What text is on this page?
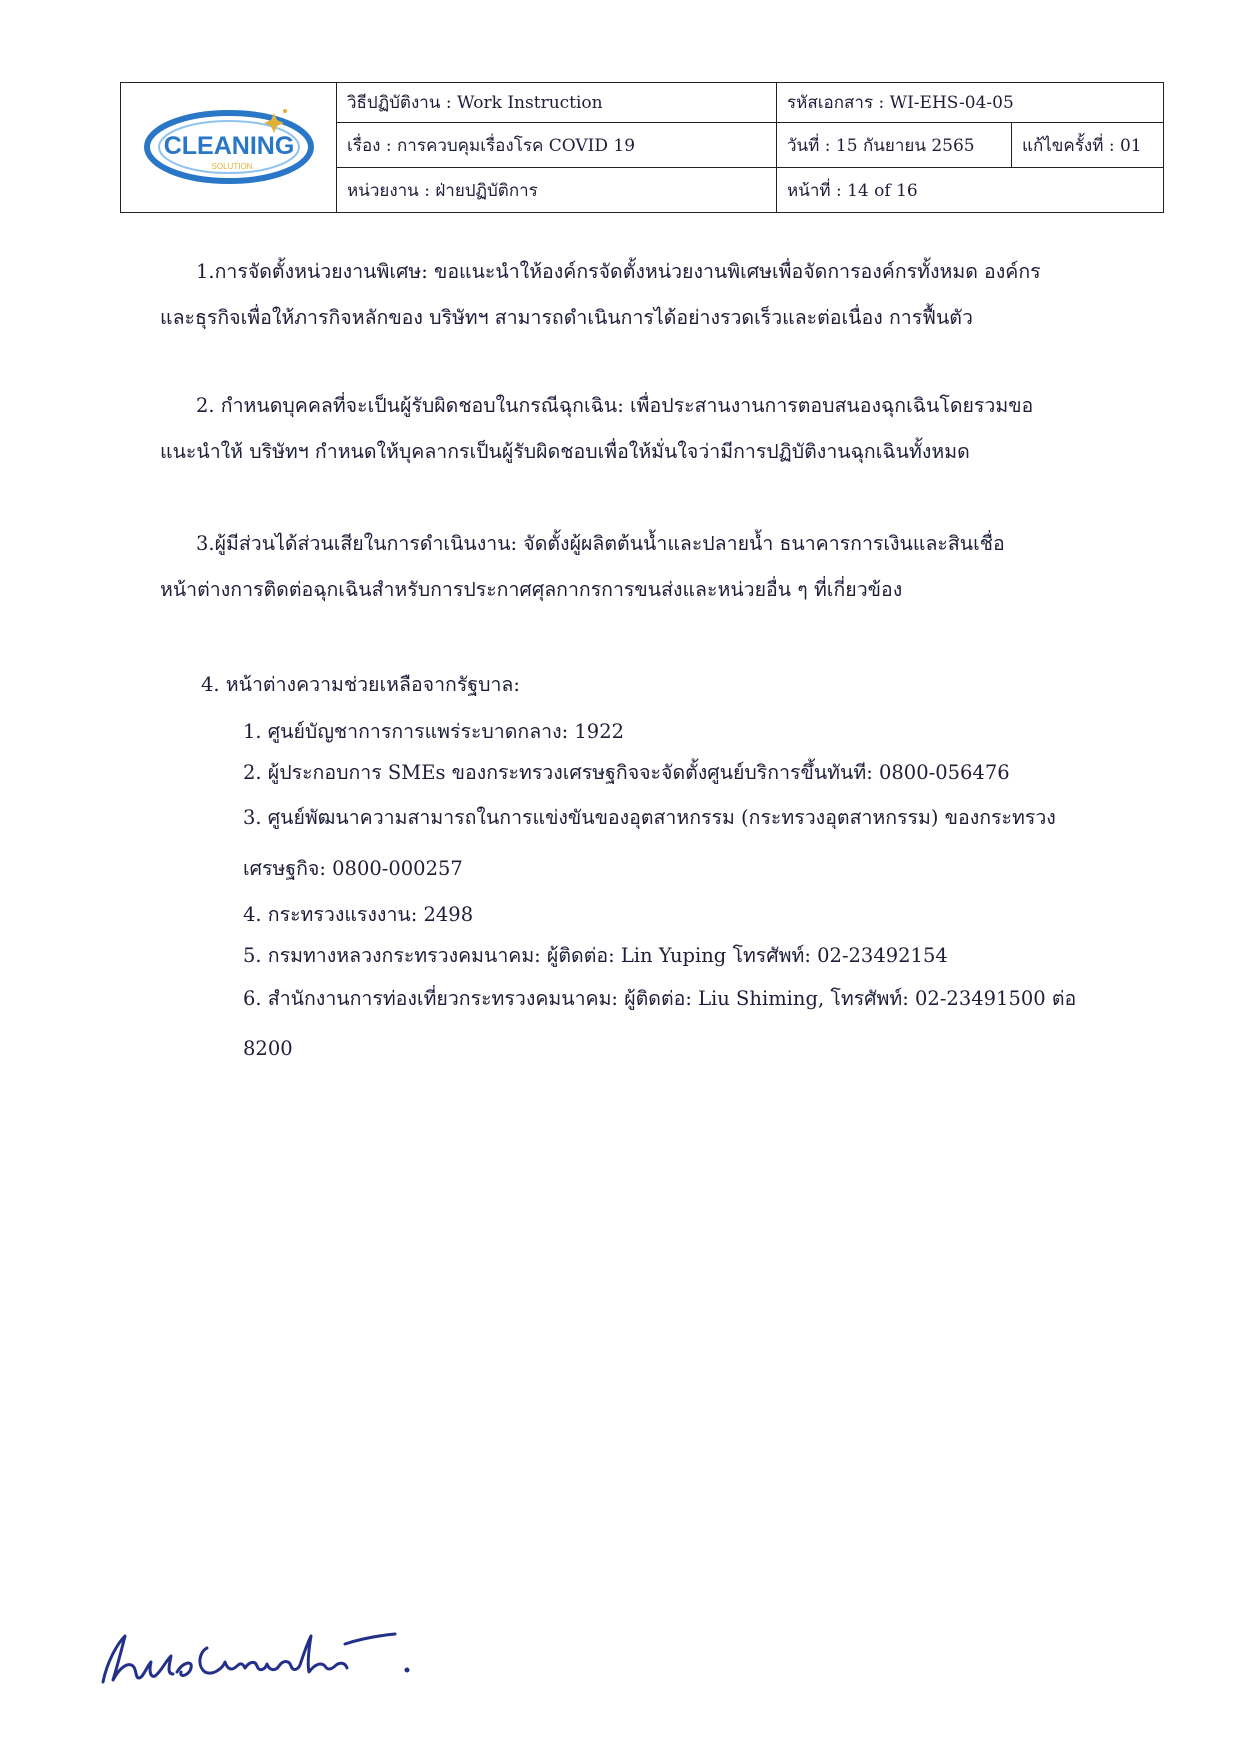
CLEANING
SOLUTION	วิธีปฏิบัติงาน : Work Instruction	รหัสเอกสาร : WI-EHS-04-05	
	เรื่อง : การควบคุมเรื่องโรค COVID 19	วันที่ : 15 กันยายน 2565	แก้ไขครั้งที่ : 01
	หน่วยงาน : ฝ่ายปฏิบัติการ	หน้าที่ : 14 of 16	
1.การจัดตั้งหน่วยงานพิเศษ: ขอแนะนำให้องค์กรจัดตั้งหน่วยงานพิเศษเพื่อจัดการองค์กรทั้งหมด องค์กร
และธุรกิจเพื่อให้ภารกิจหลักของ บริษัทฯ สามารถดำเนินการได้อย่างรวดเร็วและต่อเนื่อง การฟื้นตัว
2. กำหนดบุคคลที่จะเป็นผู้รับผิดชอบในกรณีฉุกเฉิน: เพื่อประสานงานการตอบสนองฉุกเฉินโดยรวมขอ
แนะนำให้ บริษัทฯ กำหนดให้บุคลากรเป็นผู้รับผิดชอบเพื่อให้มั่นใจว่ามีการปฏิบัติงานฉุกเฉินทั้งหมด
3.ผู้มีส่วนได้ส่วนเสียในการดำเนินงาน: จัดตั้งผู้ผลิตต้นน้ำและปลายน้ำ ธนาคารการเงินและสินเชื่อ
หน้าต่างการติดต่อฉุกเฉินสำหรับการประกาศศุลกากรการขนส่งและหน่วยอื่น ๆ ที่เกี่ยวข้อง
4. หน้าต่างความช่วยเหลือจากรัฐบาล:
1. ศูนย์บัญชาการการแพร่ระบาดกลาง: 1922
2. ผู้ประกอบการ SMEs ของกระทรวงเศรษฐกิจจะจัดตั้งศูนย์บริการขึ้นทันที: 0800-056476
3. ศูนย์พัฒนาความสามารถในการแข่งขันของอุตสาหกรรม (กระทรวงอุตสาหกรรม) ของกระทรวง
เศรษฐกิจ: 0800-000257
4. กระทรวงแรงงาน: 2498
5. กรมทางหลวงกระทรวงคมนาคม: ผู้ติดต่อ: Lin Yuping โทรศัพท์: 02-23492154
6. สำนักงานการท่องเที่ยวกระทรวงคมนาคม: ผู้ติดต่อ: Liu Shiming, โทรศัพท์: 02-23491500 ต่อ
8200
